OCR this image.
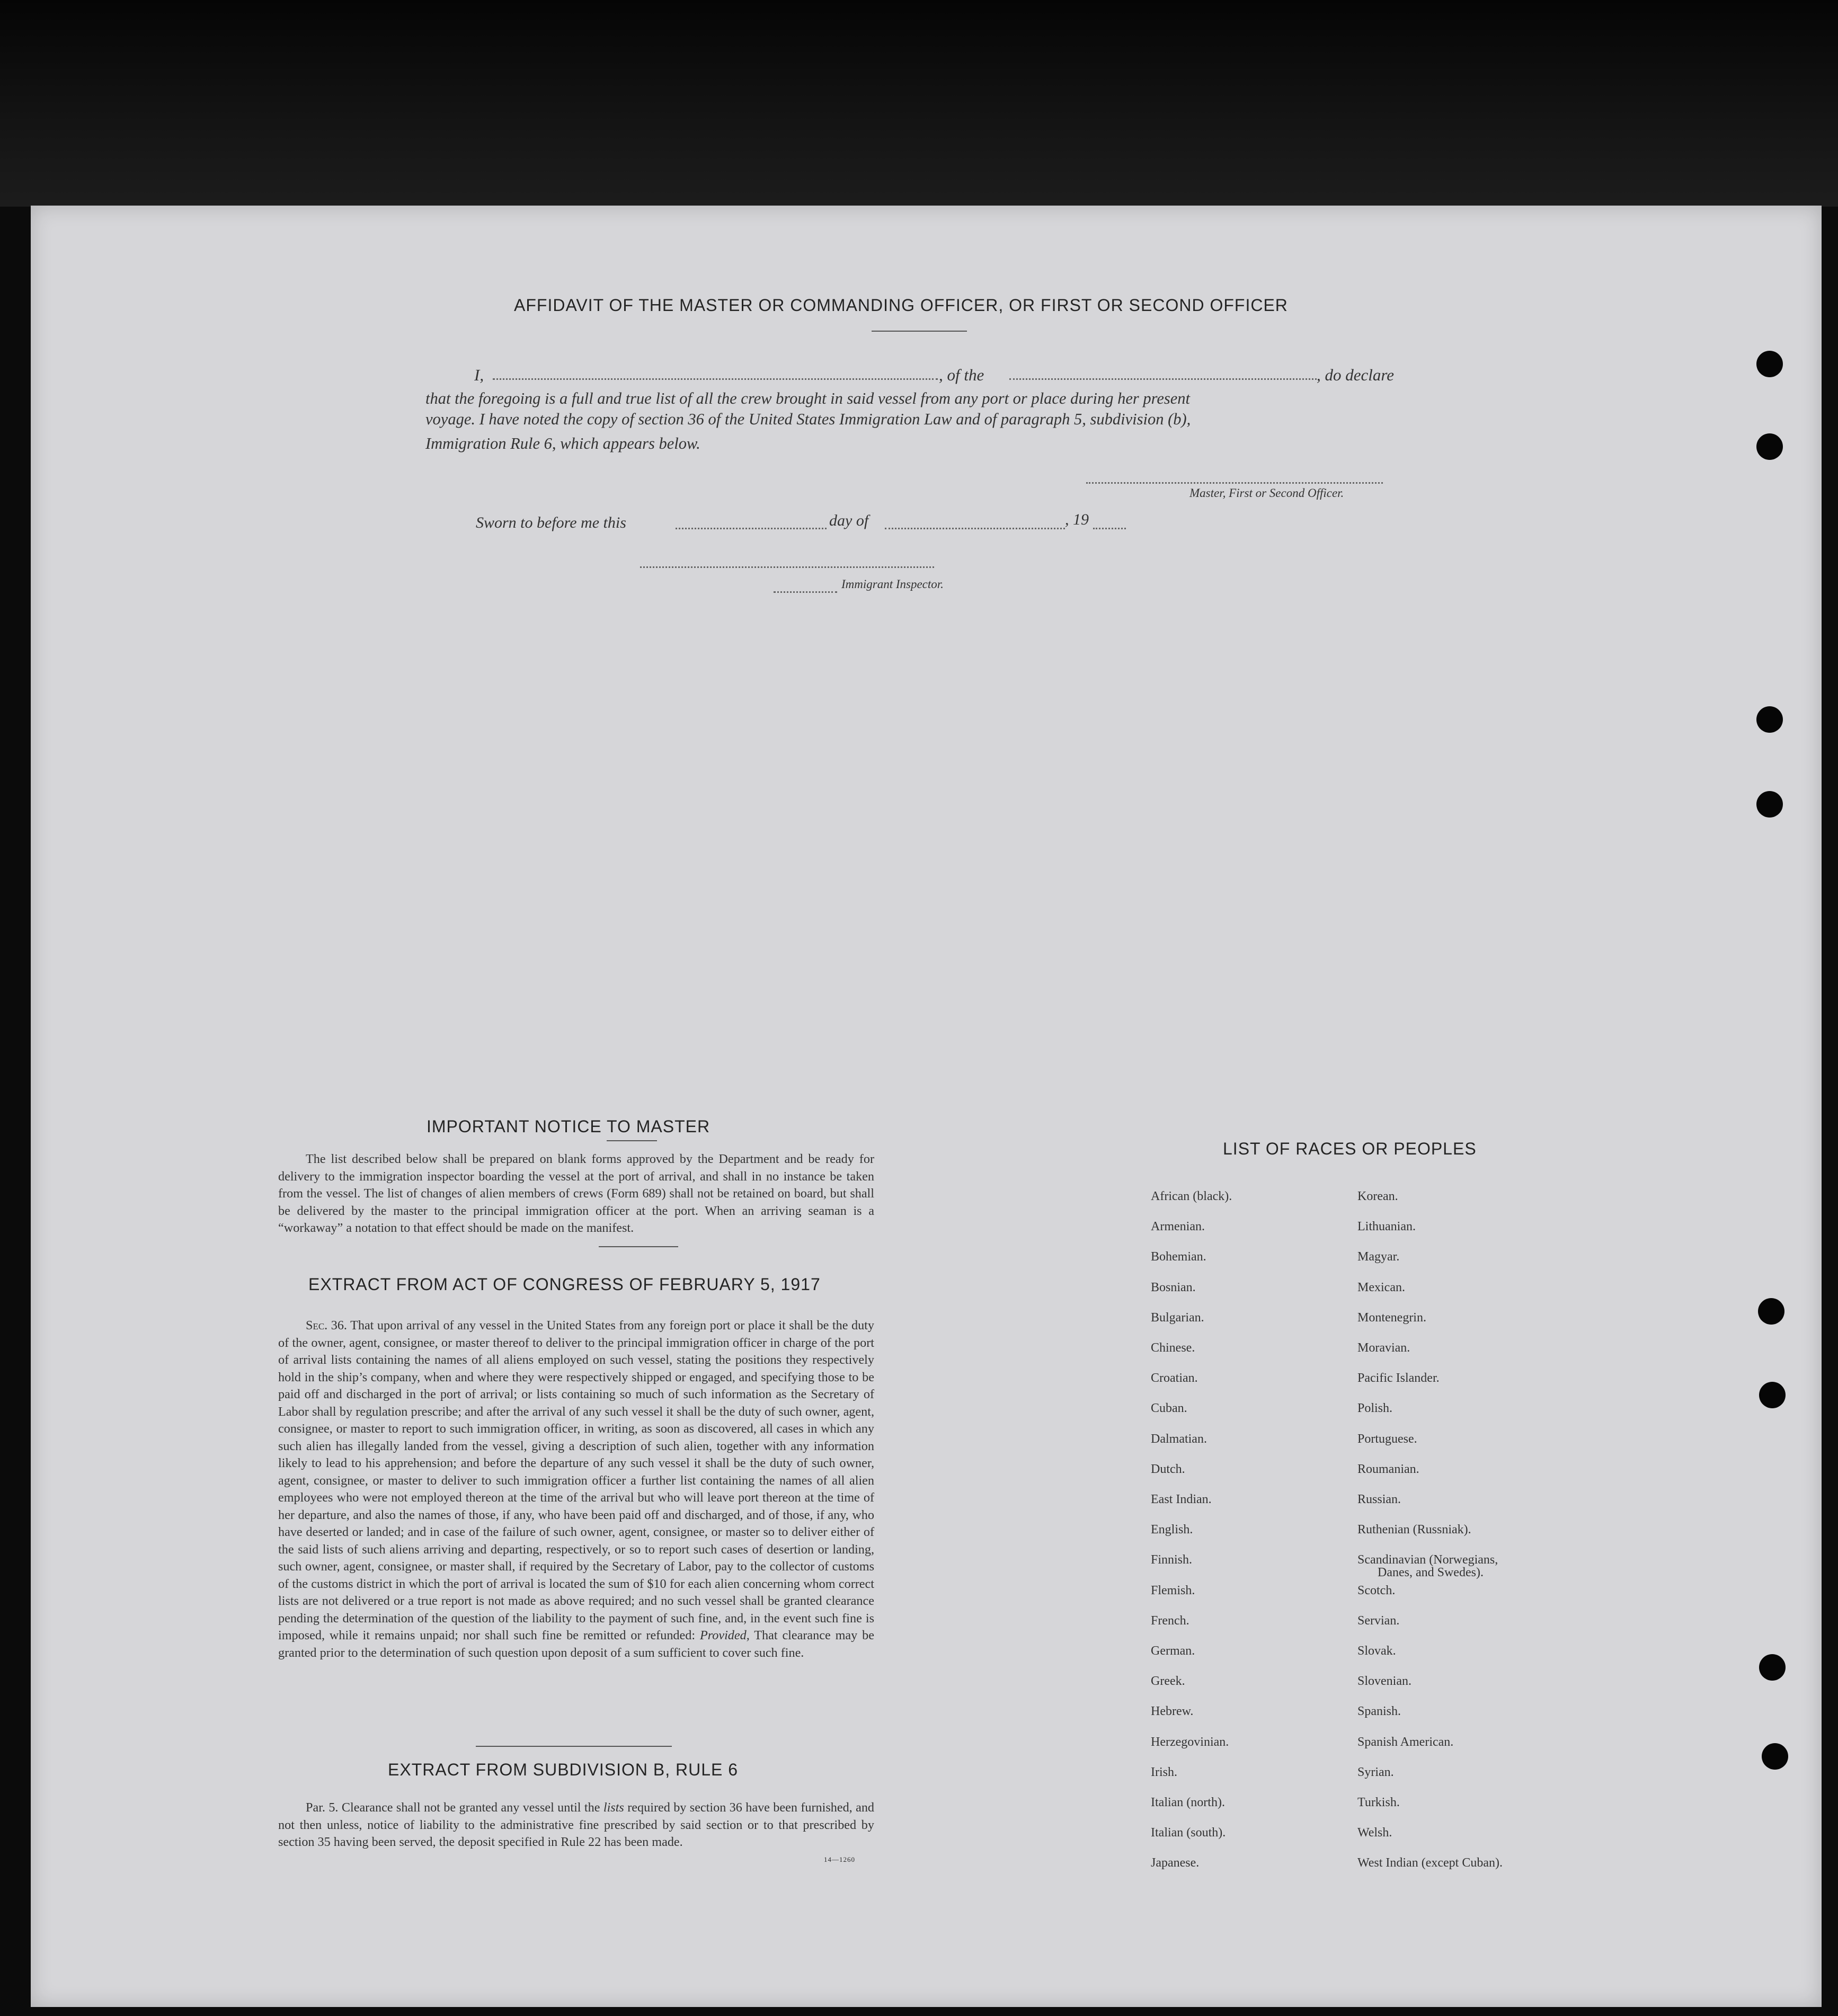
AFFIDAVIT OF THE MASTER OR COMMANDING OFFICER, OR FIRST OR SECOND OFFICER
I,	, of the	, do declare
that the foregoing is a full and true list of all the crew brought in said vessel from any port or place during her present
voyage. I have noted the copy of section 36 of the United States Immigration Law and of paragraph 5, subdivision (b),
Immigration Rule 6, which appears below.
Master, First or Second Officer.
Sworn to before me this	day of	, 19
Immigrant Inspector.
IMPORTANT NOTICE TO MASTER

The list described below shall be prepared on blank forms approved by the Department and be ready for delivery to the immigration inspector boarding the vessel at the port of arrival, and shall in no instance be taken from the vessel. The list of changes of alien members of crews (Form 689) shall not be retained on board, but shall be delivered by the master to the principal immigration officer at the port. When an arriving seaman is a “workaway” a notation to that effect should be made on the manifest.

EXTRACT FROM ACT OF CONGRESS OF FEBRUARY 5, 1917

Sec. 36. That upon arrival of any vessel in the United States from any foreign port or place it shall be the duty of the owner, agent, consignee, or master thereof to deliver to the principal immigration officer in charge of the port of arrival lists containing the names of all aliens employed on such vessel, stating the positions they respectively hold in the ship’s company, when and where they were respectively shipped or engaged, and specifying those to be paid off and discharged in the port of arrival; or lists containing so much of such information as the Secretary of Labor shall by regulation prescribe; and after the arrival of any such vessel it shall be the duty of such owner, agent, consignee, or master to report to such immigration officer, in writing, as soon as discovered, all cases in which any such alien has illegally landed from the vessel, giving a description of such alien, together with any information likely to lead to his apprehension; and before the departure of any such vessel it shall be the duty of such owner, agent, consignee, or master to deliver to such immigration officer a further list containing the names of all alien employees who were not employed thereon at the time of the arrival but who will leave port thereon at the time of her departure, and also the names of those, if any, who have been paid off and discharged, and of those, if any, who have deserted or landed; and in case of the failure of such owner, agent, consignee, or master so to deliver either of the said lists of such aliens arriving and departing, respectively, or so to report such cases of desertion or landing, such owner, agent, consignee, or master shall, if required by the Secretary of Labor, pay to the collector of customs of the customs district in which the port of arrival is located the sum of $10 for each alien concerning whom correct lists are not delivered or a true report is not made as above required; and no such vessel shall be granted clearance pending the determination of the question of the liability to the payment of such fine, and, in the event such fine is imposed, while it remains unpaid; nor shall such fine be remitted or refunded: Provided, That clearance may be granted prior to the determination of such question upon deposit of a sum sufficient to cover such fine.

EXTRACT FROM SUBDIVISION B, RULE 6

Par. 5. Clearance shall not be granted any vessel until the lists required by section 36 have been furnished, and not then unless, notice of liability to the administrative fine prescribed by said section or to that prescribed by section 35 having been served, the deposit specified in Rule 22 has been made.

14—1260
LIST OF RACES OR PEOPLES
African (black).
Armenian.
Bohemian.
Bosnian.
Bulgarian.
Chinese.
Croatian.
Cuban.
Dalmatian.
Dutch.
East Indian.
English.
Finnish.
Flemish.
French.
German.
Greek.
Hebrew.
Herzegovinian.
Irish.
Italian (north).
Italian (south).
Japanese.
Korean.
Lithuanian.
Magyar.
Mexican.
Montenegrin.
Moravian.
Pacific Islander.
Polish.
Portuguese.
Roumanian.
Russian.
Ruthenian (Russniak).
Scandinavian (Norwegians,
Scotch.
Servian.
Slovak.
Slovenian.
Spanish.
Spanish American.
Syrian.
Turkish.
Welsh.
West Indian (except Cuban).
Danes, and Swedes).
